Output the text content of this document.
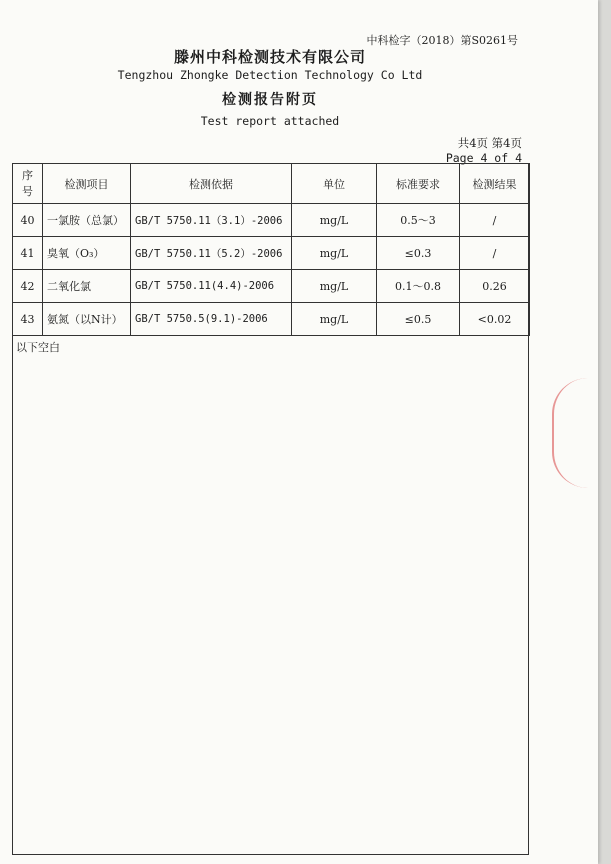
中科检字（2018）第S0261号
滕州中科检测技术有限公司
Tengzhou Zhongke Detection Technology Co Ltd
检测报告附页
Test report attached
共4页 第4页
Page 4 of 4
序
号	检测项目	检测依据	单位	标准要求	检测结果
40	一氯胺（总氯）	GB/T 5750.11（3.1）-2006	mg/L	0.5～3	/
41	臭氧（O₃）	GB/T 5750.11（5.2）-2006	mg/L	≤0.3	/
42	二氧化氯	GB/T 5750.11(4.4)-2006	mg/L	0.1～0.8	0.26
43	氨氮（以N计）	GB/T 5750.5(9.1)-2006	mg/L	≤0.5	<0.02
以下空白
